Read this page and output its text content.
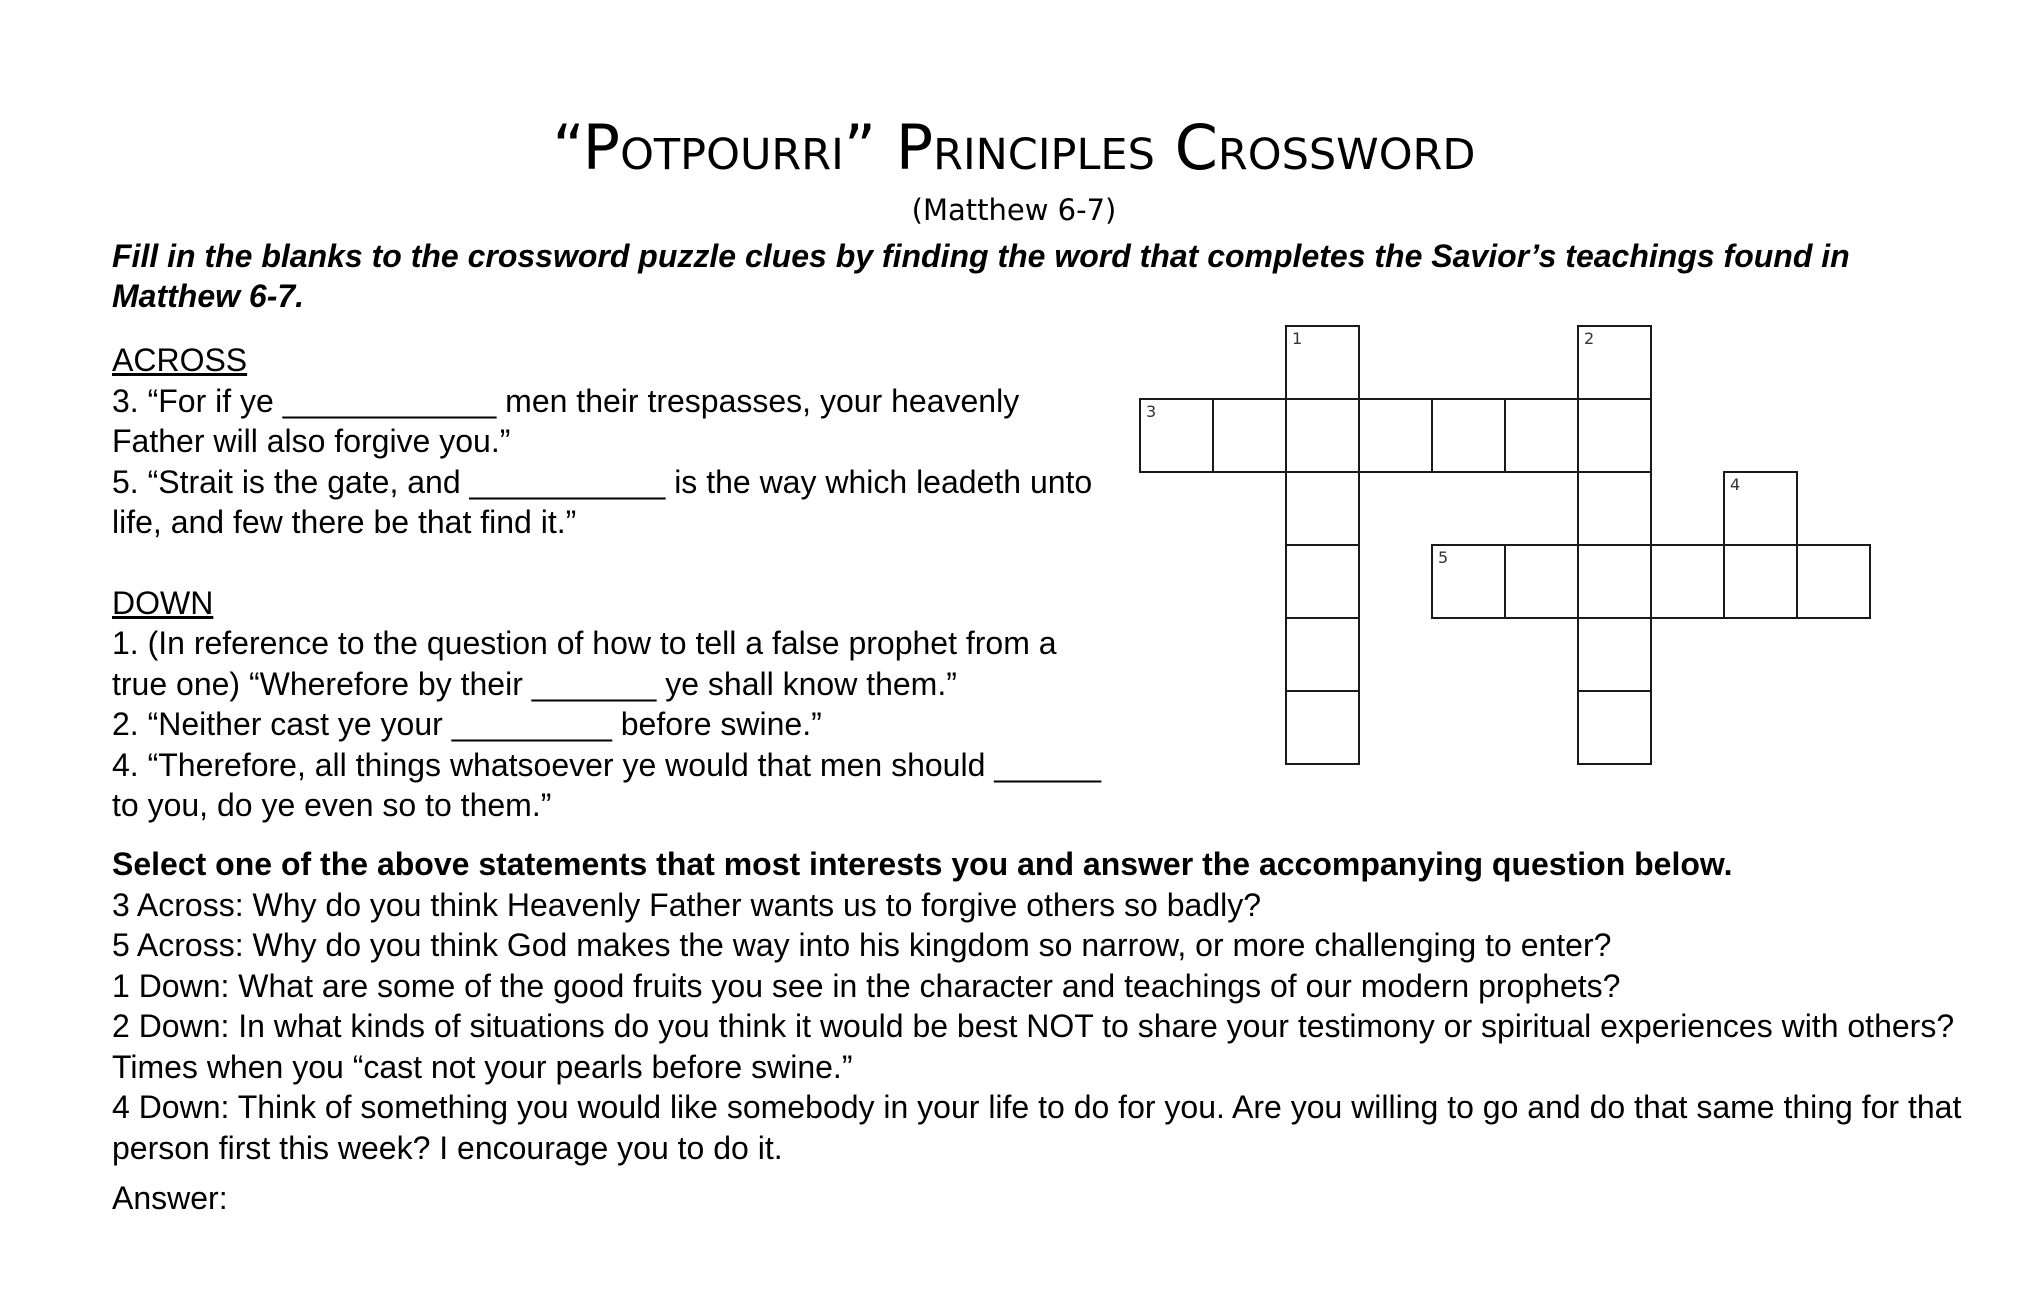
“Potpourri” Principles Crossword
(Matthew 6-7)
Fill in the blanks to the crossword puzzle clues by finding the word that completes the Savior’s teachings found in Matthew 6-7.
ACROSS
3. “For if ye ____________ men their trespasses, your heavenly Father will also forgive you.”
5. “Strait is the gate, and ___________ is the way which leadeth unto life, and few there be that find it.”
DOWN
1. (In reference to the question of how to tell a false prophet from a true one) “Wherefore by their _______ ye shall know them.”
2. “Neither cast ye your _________ before swine.”
4. “Therefore, all things whatsoever ye would that men should ______ to you, do ye even so to them.”
1	2
3
4
5
Select one of the above statements that most interests you and answer the accompanying question below.
3 Across: Why do you think Heavenly Father wants us to forgive others so badly?
5 Across: Why do you think God makes the way into his kingdom so narrow, or more challenging to enter?
1 Down: What are some of the good fruits you see in the character and teachings of our modern prophets?
2 Down: In what kinds of situations do you think it would be best NOT to share your testimony or spiritual experiences with others? Times when you “cast not your pearls before swine.”
4 Down: Think of something you would like somebody in your life to do for you. Are you willing to go and do that same thing for that person first this week? I encourage you to do it.
Answer:
